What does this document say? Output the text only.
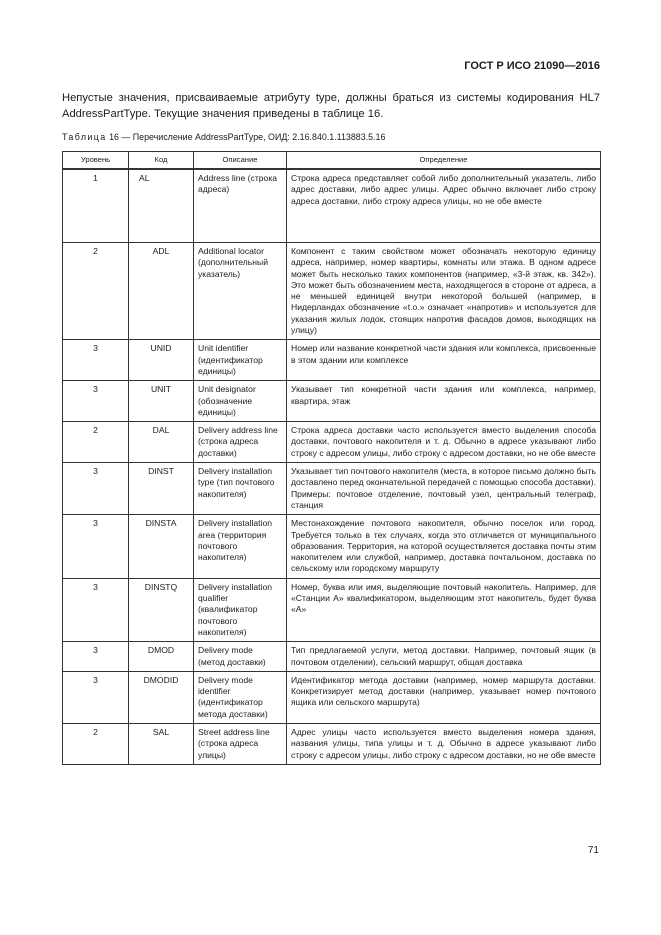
ГОСТ Р ИСО 21090—2016

Непустые значения, присваиваемые атрибуту type, должны браться из системы кодирования HL7 AddressPartType. Текущие значения приведены в таблице 16.

Таблица 16 — Перечисление AddressPartType, ОИД: 2.16.840.1.113883.5.16
Уровень	Код	Описание	Определение
1	AL	Address line (строка адреса)	Строка адреса представляет собой либо дополнительный указатель, либо адрес доставки, либо адрес улицы. Адрес обычно включает либо строку адреса доставки, либо строку адреса улицы, но не обе вместе
2	ADL	Additional locator (дополнительный указатель)	Компонент с таким свойством может обозначать некоторую единицу адреса, например, номер квартиры, комнаты или этажа. В одном адресе может быть несколько таких компонентов (например, «3-й этаж, кв. 342»). Это может быть обозначением места, находящегося в стороне от адреса, а не меньшей единицей внутри некоторой большей (например, в Нидерландах обозначение «t.o.» означает «напротив» и используется для указания жилых лодок, стоящих напротив фасадов домов, выходящих на улицу)
3	UNID	Unit identifier (идентификатор единицы)	Номер или название конкретной части здания или комплекса, присвоенные в этом здании или комплексе
3	UNIT	Unit designator (обозначение единицы)	Указывает тип конкретной части здания или комплекса, например, квартира, этаж
2	DAL	Delivery address line (строка адреса доставки)	Строка адреса доставки часто используется вместо выделения способа доставки, почтового накопителя и т. д. Обычно в адресе указывают либо строку с адресом улицы, либо строку с адресом доставки, но не обе вместе
3	DINST	Delivery installation type (тип почтового накопителя)	Указывает тип почтового накопителя (места, в которое письмо должно быть доставлено перед окончательной передачей с помощью способа доставки). Примеры: почтовое отделение, почтовый узел, центральный телеграф, станция
3	DINSTA	Delivery installation area (территория почтового накопителя)	Местонахождение почтового накопителя, обычно поселок или город. Требуется только в тех случаях, когда это отличается от муниципального образования. Территория, на которой осуществляется доставка почты этим накопителем или службой, например, доставка почтальоном, доставка по сельскому или городскому маршруту
3	DINSTQ	Delivery installation qualifier (квалификатор почтового накопителя)	Номер, буква или имя, выделяющие почтовый накопитель. Например, для «Станции А» квалификатором, выделяющим этот накопитель, будет буква «А»
3	DMOD	Delivery mode (метод доставки)	Тип предлагаемой услуги, метод доставки. Например, почтовый ящик (в почтовом отделении), сельский маршрут, общая доставка
3	DMODID	Delivery mode identifier (идентификатор метода доставки)	Идентификатор метода доставки (например, номер маршрута доставки. Конкретизирует метод доставки (например, указывает номер почтового ящика или сельского маршрута)
2	SAL	Street address line (строка адреса улицы)	Адрес улицы часто используется вместо выделения номера здания, названия улицы, типа улицы и т. д. Обычно в адресе указывают либо строку с адресом улицы, либо строку с адресом доставки, но не обе вместе
71
